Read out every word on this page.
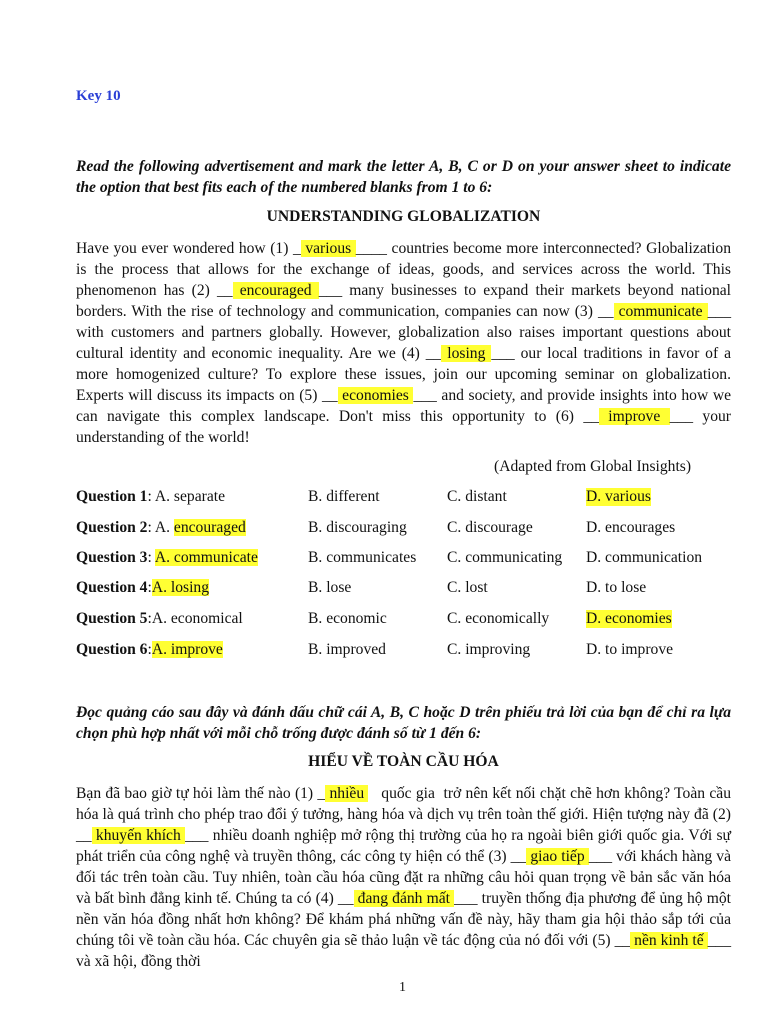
Key 10
Read the following advertisement and mark the letter A, B, C or D on your answer sheet to indicate the option that best fits each of the numbered blanks from 1 to 6:
UNDERSTANDING GLOBALIZATION
Have you ever wondered how (1) _ various ____ countries become more interconnected? Globalization is the process that allows for the exchange of ideas, goods, and services across the world. This phenomenon has (2) __ encouraged ___ many businesses to expand their markets beyond national borders. With the rise of technology and communication, companies can now (3) __ communicate ___ with customers and partners globally. However, globalization also raises important questions about cultural identity and economic inequality. Are we (4) __ losing ___ our local traditions in favor of a more homogenized culture? To explore these issues, join our upcoming seminar on globalization. Experts will discuss its impacts on (5) __ economies ___ and society, and provide insights into how we can navigate this complex landscape. Don't miss this opportunity to (6) __ improve ___ your understanding of the world!
(Adapted from Global Insights)
Question 1: A. separate	B. different	C. distant	D. various
Question 2: A. encouraged	B. discouraging	C. discourage	D. encourages
Question 3: A. communicate	B. communicates C. communicating D. communication
Question 4:A. losing	B. lose	C. lost	D. to lose
Question 5:A. economical	B. economic	C. economically D. economies
Question 6:A. improve	B. improved	C. improving	D. to improve
Đọc quảng cáo sau đây và đánh dấu chữ cái A, B, C hoặc D trên phiếu trả lời của bạn để chỉ ra lựa chọn phù hợp nhất với mỗi chỗ trống được đánh số từ 1 đến 6:
HIỂU VỀ TOÀN CẦU HÓA
Bạn đã bao giờ tự hỏi làm thế nào (1) _ nhiều    quốc gia  trở nên kết nối chặt chẽ hơn không? Toàn cầu hóa là quá trình cho phép trao đổi ý tưởng, hàng hóa và dịch vụ trên toàn thế giới. Hiện tượng này đã (2) __ khuyến khích ___ nhiều doanh nghiệp mở rộng thị trường của họ ra ngoài biên giới quốc gia. Với sự phát triển của công nghệ và truyền thông, các công ty hiện có thể (3) __ giao tiếp ___ với khách hàng và đối tác trên toàn cầu. Tuy nhiên, toàn cầu hóa cũng đặt ra những câu hỏi quan trọng về bản sắc văn hóa và bất bình đẳng kinh tế. Chúng ta có (4) __ đang đánh mất ___ truyền thống địa phương để ủng hộ một nền văn hóa đồng nhất hơn không? Để khám phá những vấn đề này, hãy tham gia hội thảo sắp tới của chúng tôi về toàn cầu hóa. Các chuyên gia sẽ thảo luận về tác động của nó đối với (5) __ nền kinh tế ___ và xã hội, đồng thời
1
